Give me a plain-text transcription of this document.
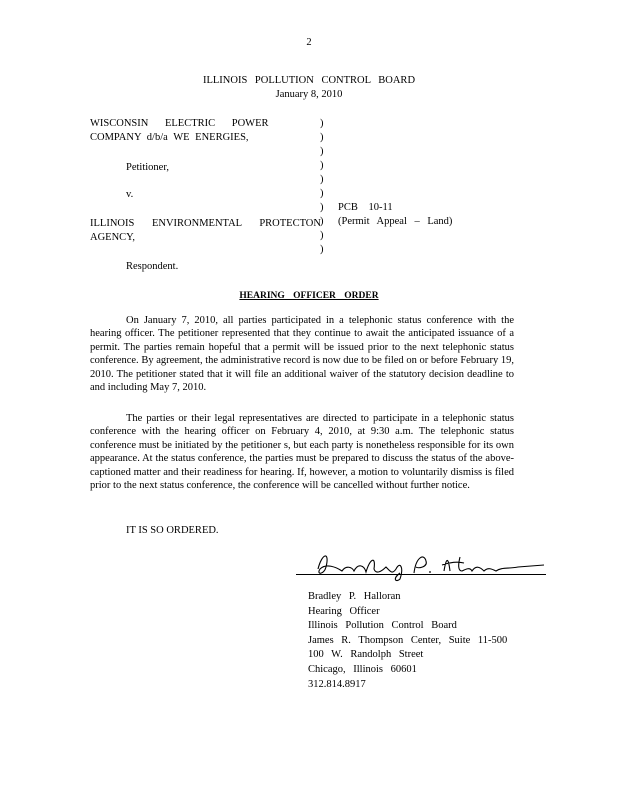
2
ILLINOIS POLLUTION CONTROL BOARD
January 8, 2010
WISCONSIN ELECTRIC POWER
COMPANY d/b/a WE ENERGIES,
Petitioner,
v.
ILLINOIS ENVIRONMENTAL PROTECTON
AGENCY,
Respondent.
)
)
)
)
)
)
)
)
)
)
PCB 10-11
(Permit Appeal – Land)
HEARING OFFICER ORDER

On January 7, 2010, all parties participated in a telephonic status conference with the hearing officer. The petitioner represented that they continue to await the anticipated issuance of a permit. The parties remain hopeful that a permit will be issued prior to the next telephonic status conference. By agreement, the administrative record is now due to be filed on or before February 19, 2010. The petitioner stated that it will file an additional waiver of the statutory decision deadline to and including May 7, 2010.

The parties or their legal representatives are directed to participate in a telephonic status conference with the hearing officer on February 4, 2010, at 9:30 a.m. The telephonic status conference must be initiated by the petitioner s, but each party is nonetheless responsible for its own appearance. At the status conference, the parties must be prepared to discuss the status of the above-captioned matter and their readiness for hearing. If, however, a motion to voluntarily dismiss is filed prior to the next status conference, the conference will be cancelled without further notice.

IT IS SO ORDERED.
Bradley P. Halloran
Hearing Officer
Illinois Pollution Control Board
James R. Thompson Center, Suite 11-500
100 W. Randolph Street
Chicago, Illinois 60601
312.814.8917
